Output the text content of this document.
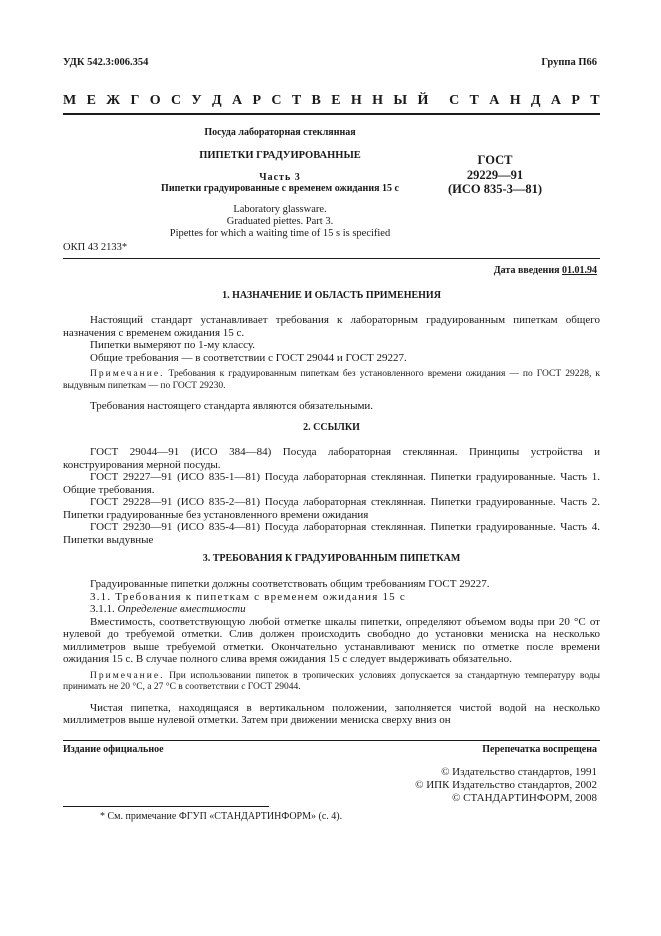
УДК 542.3:006.354	Группа П66
М Е Ж Г О С У Д А Р С Т В Е Н Н Ы Й С Т А Н Д А Р Т
Посуда лабораторная стеклянная
ПИПЕТКИ ГРАДУИРОВАННЫЕ
Часть 3
Пипетки градуированные с временем ожидания 15 с
Laboratory glassware.
Graduated piettes. Part 3.
Pipettes for which a waiting time of 15 s is specified
ГОСТ
29229—91
(ИСО 835-3—81)
ОКП 43 2133*
Дата введения 01.01.94
1. НАЗНАЧЕНИЕ И ОБЛАСТЬ ПРИМЕНЕНИЯ
Настоящий стандарт устанавливает требования к лабораторным градуированным пипеткам общего назначения с временем ожидания 15 с.
Пипетки вымеряют по 1-му классу.
Общие требования — в соответствии с ГОСТ 29044 и ГОСТ 29227.
Примечание. Требования к градуированным пипеткам без установленного времени ожидания — по ГОСТ 29228, к выдувным пипеткам — по ГОСТ 29230.
Требования настоящего стандарта являются обязательными.
2. ССЫЛКИ
ГОСТ 29044—91 (ИСО 384—84) Посуда лабораторная стеклянная. Принципы устройства и конструирования мерной посуды.
ГОСТ 29227—91 (ИСО 835-1—81) Посуда лабораторная стеклянная. Пипетки градуированные. Часть 1. Общие требования.
ГОСТ 29228—91 (ИСО 835-2—81) Посуда лабораторная стеклянная. Пипетки градуированные. Часть 2. Пипетки градуированные без установленного времени ожидания
ГОСТ 29230—91 (ИСО 835-4—81) Посуда лабораторная стеклянная. Пипетки градуированные. Часть 4. Пипетки выдувные
3. ТРЕБОВАНИЯ К ГРАДУИРОВАННЫМ ПИПЕТКАМ
Градуированные пипетки должны соответствовать общим требованиям ГОСТ 29227.
3.1. Требования к пипеткам с временем ожидания 15 с
3.1.1. Определение вместимости
Вместимость, соответствующую любой отметке шкалы пипетки, определяют объемом воды при 20 °С от нулевой до требуемой отметки. Слив должен происходить свободно до установки мениска на несколько миллиметров выше требуемой отметки. Окончательно устанавливают мениск по отметке после времени ожидания 15 с. В случае полного слива время ожидания 15 с следует выдерживать обязательно.
Примечание. При использовании пипеток в тропических условиях допускается за стандартную температуру воды принимать не 20 °С, а 27 °С в соответствии с ГОСТ 29044.
Чистая пипетка, находящаяся в вертикальном положении, заполняется чистой водой на несколько миллиметров выше нулевой отметки. Затем при движении мениска сверху вниз он
Издание официальное	Перепечатка воспрещена
© Издательство стандартов, 1991
© ИПК Издательство стандартов, 2002
© СТАНДАРТИНФОРМ, 2008
* См. примечание ФГУП «СТАНДАРТИНФОРМ» (с. 4).
